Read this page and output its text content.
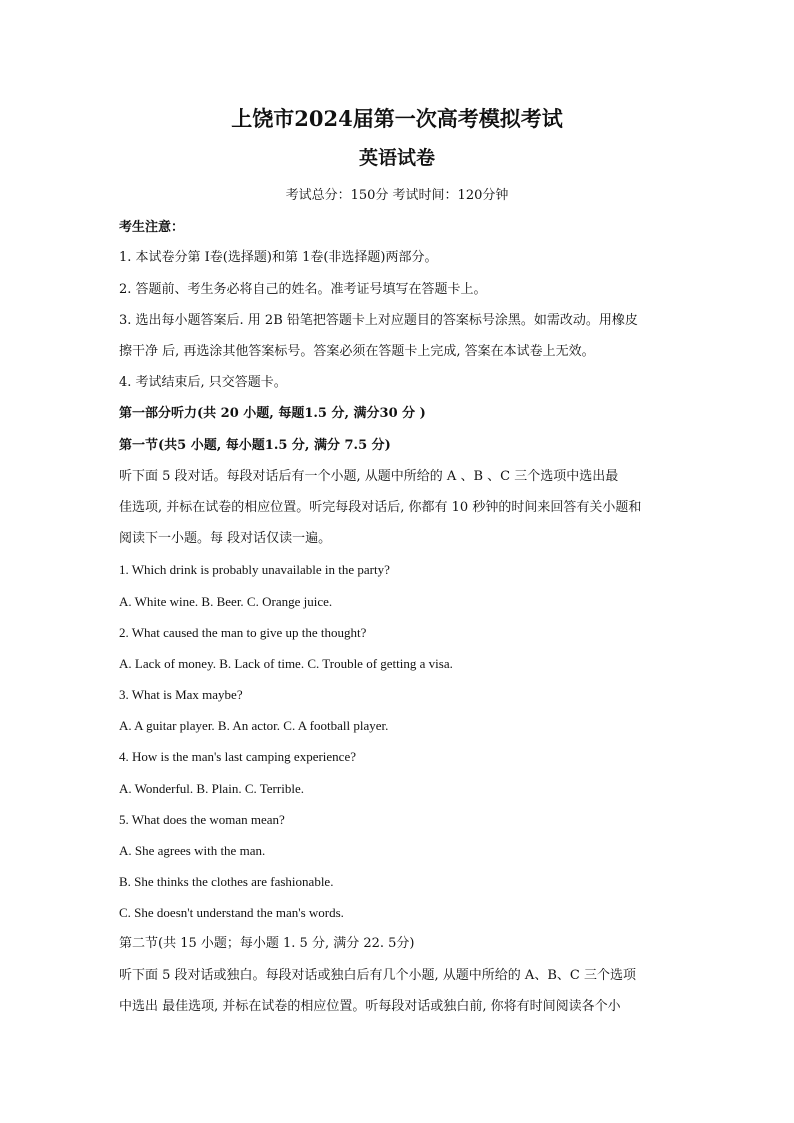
上饶市2024届第一次高考模拟考试
英语试卷
考试总分：150分 考试时间：120分钟
考生注意：
1. 本试卷分第 I卷(选择题)和第 1卷(非选择题)两部分。
2. 答题前、考生务必将自己的姓名。准考证号填写在答题卡上。
3. 选出每小题答案后. 用 2B 铅笔把答题卡上对应题目的答案标号涂黑。如需改动。用橡皮
擦干净 后, 再选涂其他答案标号。答案必须在答题卡上完成, 答案在本试卷上无效。
4. 考试结束后, 只交答题卡。
第一部分听力(共 20 小题, 每题1.5 分, 满分30 分 )
第一节(共5 小题, 每小题1.5 分, 满分 7.5 分)
听下面 5 段对话。每段对话后有一个小题, 从题中所给的 A 、B 、C 三个选项中选出最
佳选项, 并标在试卷的相应位置。听完每段对话后, 你都有 10 秒钟的时间来回答有关小题和
阅读下一小题。每 段对话仅读一遍。
1. Which drink is probably unavailable in the party?
A. White wine. B. Beer. C. Orange juice.
2. What caused the man to give up the thought?
A. Lack of money. B. Lack of time. C. Trouble of getting a visa.
3. What is Max maybe?
A. A guitar player. B. An actor. C. A football player.
4. How is the man's last camping experience?
A. Wonderful. B. Plain. C. Terrible.
5. What does the woman mean?
A. She agrees with the man.
B. She thinks the clothes are fashionable.
C. She doesn't understand the man's words.
第二节(共 15 小题；每小题 1. 5 分, 满分 22. 5分)
听下面 5 段对话或独白。每段对话或独白后有几个小题, 从题中所给的 A、B、C 三个选项
中选出 最佳选项, 并标在试卷的相应位置。听每段对话或独白前, 你将有时间阅读各个小
